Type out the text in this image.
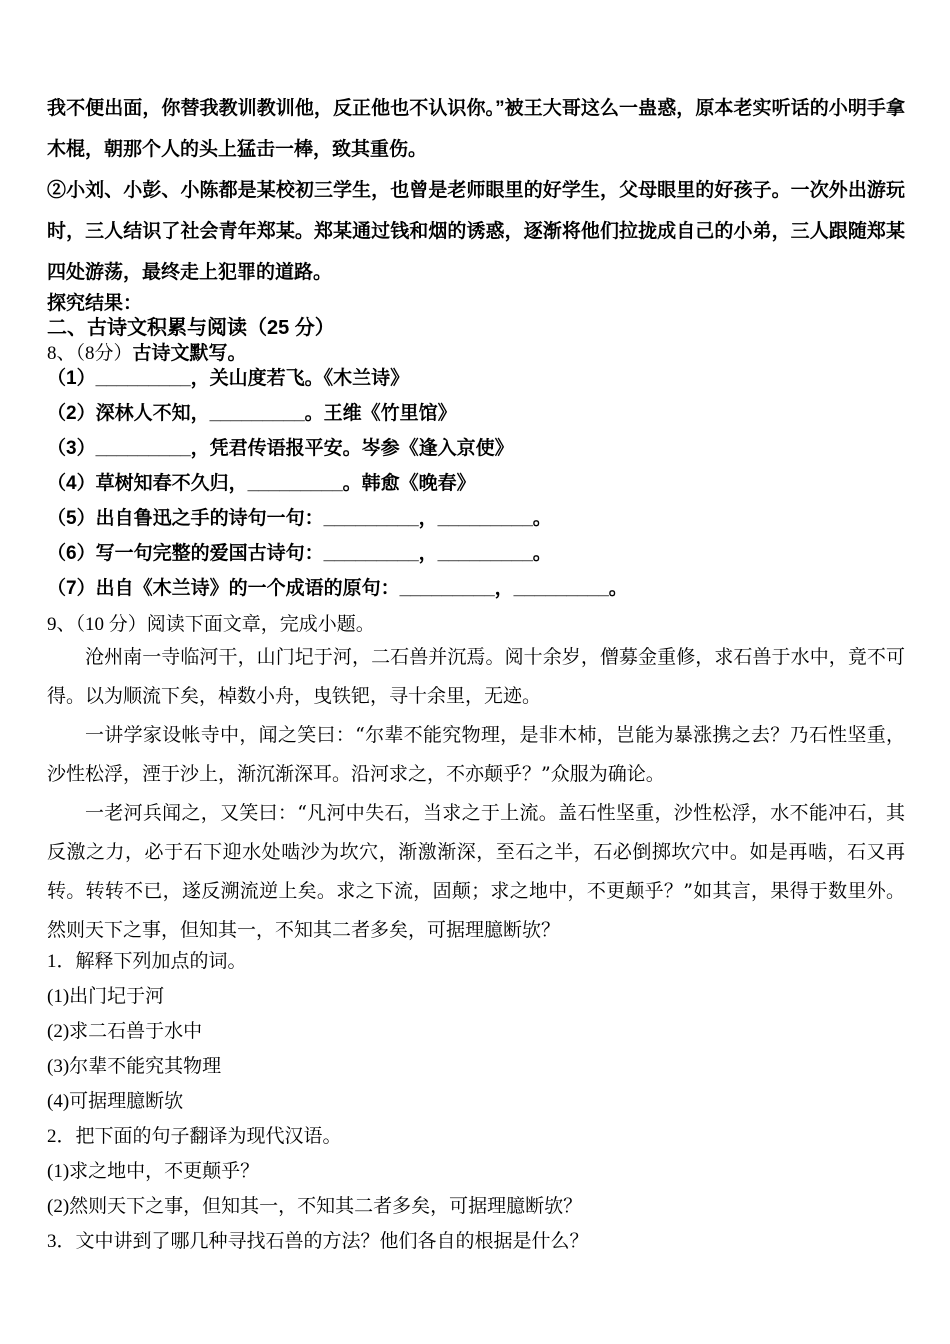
我不便出面，你替我教训教训他，反正他也不认识你。”被王大哥这么一蛊惑，原本老实听话的小明手拿木棍，朝那个人的头上猛击一棒，致其重伤。

②小刘、小彭、小陈都是某校初三学生，也曾是老师眼里的好学生，父母眼里的好孩子。一次外出游玩时，三人结识了社会青年郑某。郑某通过钱和烟的诱惑，逐渐将他们拉拢成自己的小弟，三人跟随郑某四处游荡，最终走上犯罪的道路。

探究结果：

二、古诗文积累与阅读（25 分）

8、（8分）古诗文默写。

（1）_________，关山度若飞。《木兰诗》

（2）深林人不知，_________。王维《竹里馆》

（3）_________，凭君传语报平安。岑参《逢入京使》

（4）草树知春不久归，_________。韩愈《晚春》

（5）出自鲁迅之手的诗句一句：_________，_________。

（6）写一句完整的爱国古诗句：_________，_________。

（7）出自《木兰诗》的一个成语的原句：_________，_________。

9、（10 分）阅读下面文章，完成小题。

沧州南一寺临河干，山门圮于河，二石兽并沉焉。阅十余岁，僧募金重修，求石兽于水中，竟不可得。以为顺流下矣，棹数小舟，曳铁钯，寻十余里，无迹。

一讲学家设帐寺中，闻之笑曰：“尔辈不能究物理，是非木杮，岂能为暴涨携之去？乃石性坚重，沙性松浮，湮于沙上，渐沉渐深耳。沿河求之，不亦颠乎？”众服为确论。

一老河兵闻之，又笑曰：“凡河中失石，当求之于上流。盖石性坚重，沙性松浮，水不能冲石，其反激之力，必于石下迎水处啮沙为坎穴，渐激渐深，至石之半，石必倒掷坎穴中。如是再啮，石又再转。转转不已，遂反溯流逆上矣。求之下流，固颠；求之地中，不更颠乎？”如其言，果得于数里外。然则天下之事，但知其一，不知其二者多矣，可据理臆断欤？

1．解释下列加点的词。

(1)出门圮于河

(2)求二石兽于水中

(3)尔辈不能究其物理

(4)可据理臆断欤

2．把下面的句子翻译为现代汉语。

(1)求之地中，不更颠乎？

(2)然则天下之事，但知其一，不知其二者多矣，可据理臆断欤？

3．文中讲到了哪几种寻找石兽的方法？他们各自的根据是什么？
